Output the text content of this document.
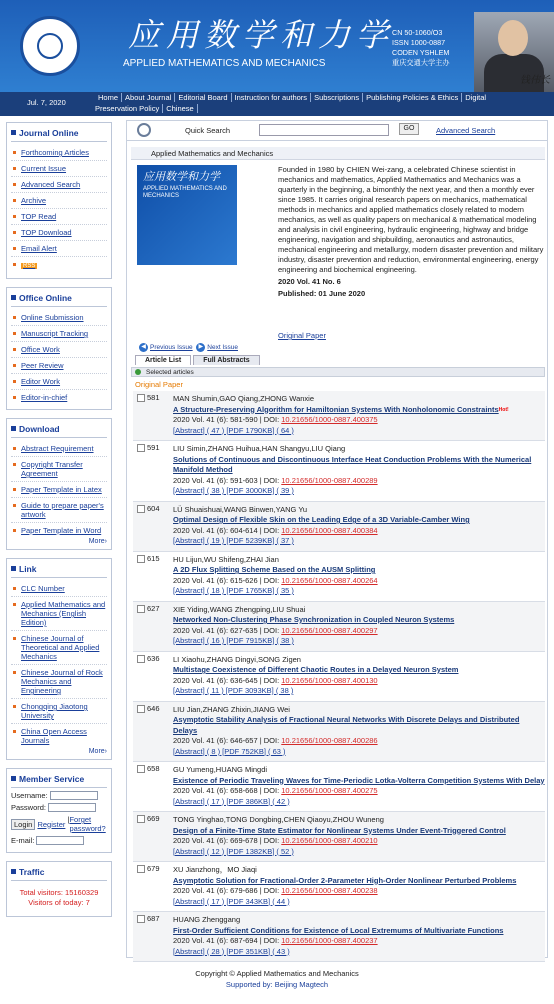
应用数学和力学
APPLIED MATHEMATICS AND MECHANICS
CN 50-1060/O3
ISSN 1000-0887
CODEN YSHLEM
重庆交通大学主办
钱伟长
Jul. 7, 2020
Home About Journal Editorial Board Instruction for authors Subscriptions Publishing Policies & Ethics Digital Preservation Policy Chinese
Journal Online
Forthcoming Articles
Current Issue
Advanced Search
Archive
TOP Read
TOP Download
Email Alert
RSS
Office Online
Online Submission
Manuscript Tracking
Office Work
Peer Review
Editor Work
Editor-in-chief
Download
Abstract Requirement
Copyright Transfer Agreement
Paper Template in Latex
Guide to prepare paper's artwork
Paper Template in Word
More›
Link
CLC Number
Applied Mathematics and Mechanics (English Edition)
Chinese Journal of Theoretical and Applied Mechanics
Chinese Journal of Rock Mechanics and Engineering
Chongqing Jiaotong University
China Open Access Journals
More›
Member Service
Username:
Password:
Login
Register |
Forget password?
E-mail:
Traffic
Total visitors: 15160329
Visitors of today: 7
Quick Search	GO	Advanced Search
Applied Mathematics and Mechanics
应用数学和力学
APPLIED MATHEMATICS AND MECHANICS
Founded in 1980 by CHIEN Wei-zang, a celebrated Chinese scientist in mechanics and mathematics, Applied Mathematics and Mechanics was a quarterly in the beginning, a bimonthly the next year, and then a monthly ever since 1985. It carries original research papers on mechanics, mathematical methods in mechanics and applied mathematics closely related to modern mechanics, as well as quality papers on mechanical & mathematical modeling and analysis in civil engineering, hydraulic engineering, highway and bridge engineering, navigation and shipbuilding, aeronautics and astronautics, mechanical engineering and metallurgy, modern disaster prevention and military industry, disaster prevention and reduction, environmental engineering, energy engineering and biochemical engineering.
2020 Vol. 41 No. 6
Published: 01 June 2020
Original Paper
◀ Previous Issue ▶ Next Issue
Article List	Full Abstracts
Selected articles
Original Paper
581 MAN Shumin,GAO Qiang,ZHONG Wanxie
A Structure‐Preserving Algorithm for Hamiltonian Systems With Nonholonomic Constraints$^{Hot!}$
2020 Vol. 41 (6): 581-590 | DOI: 10.21656/1000-0887.400375
[Abstract] ( 47 ) [PDF 1790KB] ( 64 )
591 LIU Simin,ZHANG Huihua,HAN Shangyu,LIU Qiang
Solutions of Continuous and Discontinuous Interface Heat Conduction Problems With the Numerical Manifold Method
2020 Vol. 41 (6): 591-603 | DOI: 10.21656/1000-0887.400289
[Abstract] ( 38 ) [PDF 3000KB] ( 39 )
604 LÜ Shuaishuai,WANG Binwen,YANG Yu
Optimal Design of Flexible Skin on the Leading Edge of a 3D Variable-Camber Wing
2020 Vol. 41 (6): 604-614 | DOI: 10.21656/1000-0887.400384
[Abstract] ( 19 ) [PDF 5239KB] ( 37 )
615 HU Lijun,WU Shifeng,ZHAI Jian
A 2D Flux Splitting Scheme Based on the AUSM Splitting
2020 Vol. 41 (6): 615-626 | DOI: 10.21656/1000-0887.400264
[Abstract] ( 18 ) [PDF 1765KB] ( 35 )
627 XIE Yiding,WANG Zhengping,LIU Shuai
Networked Non-Clustering Phase Synchronization in Coupled Neuron Systems
2020 Vol. 41 (6): 627-635 | DOI: 10.21656/1000-0887.400297
[Abstract] ( 16 ) [PDF 7915KB] ( 38 )
636 LI Xiaohu,ZHANG Dingyi,SONG Zigen
Multistage Coexistence of Different Chaotic Routes in a Delayed Neuron System
2020 Vol. 41 (6): 636-645 | DOI: 10.21656/1000-0887.400130
[Abstract] ( 11 ) [PDF 3093KB] ( 38 )
646 LIU Jian,ZHANG Zhixin,JIANG Wei
Asymptotic Stability Analysis of Fractional Neural Networks With Discrete Delays and Distributed Delays
2020 Vol. 41 (6): 646-657 | DOI: 10.21656/1000-0887.400286
[Abstract] ( 8 ) [PDF 752KB] ( 63 )
658 GU Yumeng,HUANG Mingdi
Existence of Periodic Traveling Waves for Time-Periodic Lotka-Volterra Competition Systems With Delay
2020 Vol. 41 (6): 658-668 | DOI: 10.21656/1000-0887.400275
[Abstract] ( 17 ) [PDF 386KB] ( 42 )
669 TONG Yinghao,TONG Dongbing,CHEN Qiaoyu,ZHOU Wuneng
Design of a Finite-Time State Estimator for Nonlinear Systems Under Event-Triggered Control
2020 Vol. 41 (6): 669-678 | DOI: 10.21656/1000-0887.400210
[Abstract] ( 12 ) [PDF 1382KB] ( 52 )
679 XU Jianzhong，MO Jiaqi
Asymptotic Solution for Fractional-Order 2-Parameter High-Order Nonlinear Perturbed Problems
2020 Vol. 41 (6): 679-686 | DOI: 10.21656/1000-0887.400238
[Abstract] ( 17 ) [PDF 343KB] ( 44 )
687 HUANG Zhenggang
First-Order Sufficient Conditions for Existence of Local Extremums of Multivariate Functions
2020 Vol. 41 (6): 687-694 | DOI: 10.21656/1000-0887.400237
[Abstract] ( 28 ) [PDF 351KB] ( 43 )
Copyright © Applied Mathematics and Mechanics
Supported by: Beijing Magtech
